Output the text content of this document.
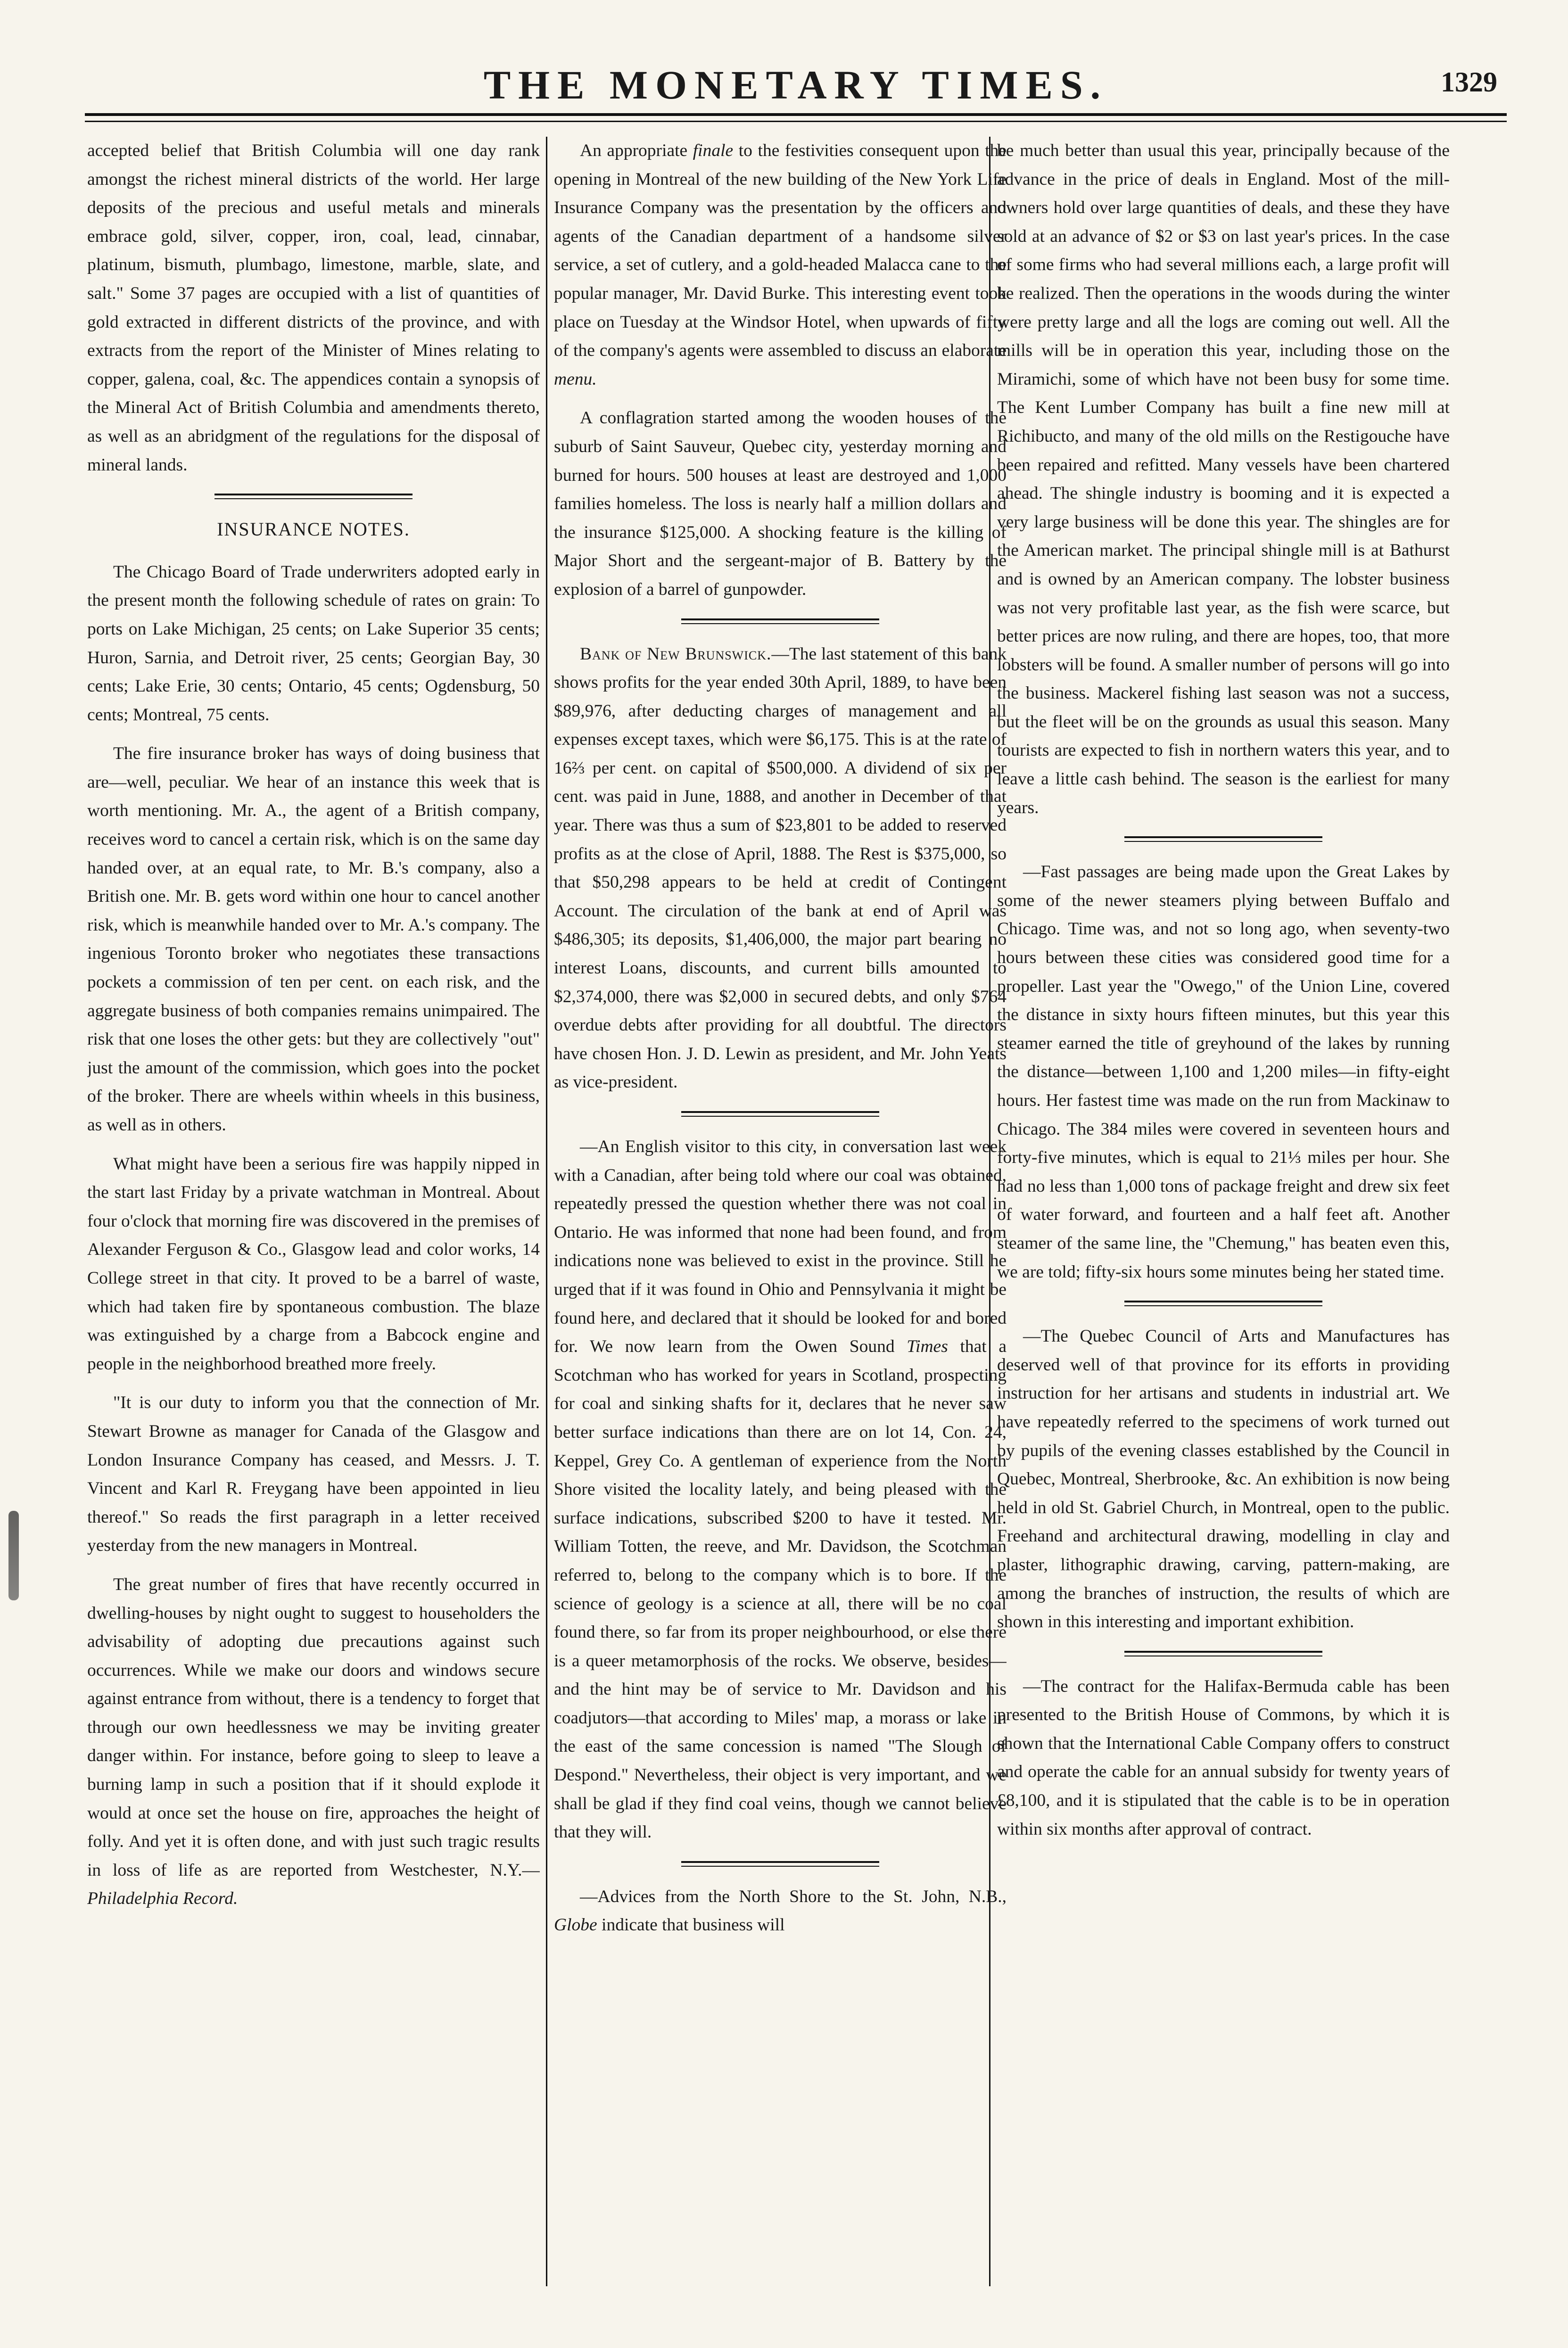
THE MONETARY TIMES.	1329

accepted belief that British Columbia will one day rank amongst the richest mineral districts of the world. Her large deposits of the precious and useful metals and minerals embrace gold, silver, copper, iron, coal, lead, cinnabar, platinum, bismuth, plumbago, limestone, marble, slate, and salt." Some 37 pages are occupied with a list of quantities of gold extracted in different districts of the province, and with extracts from the report of the Minister of Mines relating to copper, galena, coal, &c. The appendices contain a synopsis of the Mineral Act of British Columbia and amendments thereto, as well as an abridgment of the regulations for the disposal of mineral lands.

INSURANCE NOTES.

The Chicago Board of Trade underwriters adopted early in the present month the following schedule of rates on grain: To ports on Lake Michigan, 25 cents; on Lake Superior 35 cents; Huron, Sarnia, and Detroit river, 25 cents; Georgian Bay, 30 cents; Lake Erie, 30 cents; Ontario, 45 cents; Ogdensburg, 50 cents; Montreal, 75 cents.

The fire insurance broker has ways of doing business that are—well, peculiar. We hear of an instance this week that is worth mentioning. Mr. A., the agent of a British company, receives word to cancel a certain risk, which is on the same day handed over, at an equal rate, to Mr. B.'s company, also a British one. Mr. B. gets word within one hour to cancel another risk, which is meanwhile handed over to Mr. A.'s company. The ingenious Toronto broker who negotiates these transactions pockets a commission of ten per cent. on each risk, and the aggregate business of both companies remains unimpaired. The risk that one loses the other gets: but they are collectively "out" just the amount of the commission, which goes into the pocket of the broker. There are wheels within wheels in this business, as well as in others.

What might have been a serious fire was happily nipped in the start last Friday by a private watchman in Montreal. About four o'clock that morning fire was discovered in the premises of Alexander Ferguson & Co., Glasgow lead and color works, 14 College street in that city. It proved to be a barrel of waste, which had taken fire by spontaneous combustion. The blaze was extinguished by a charge from a Babcock engine and people in the neighborhood breathed more freely.

"It is our duty to inform you that the connection of Mr. Stewart Browne as manager for Canada of the Glasgow and London Insurance Company has ceased, and Messrs. J. T. Vincent and Karl R. Freygang have been appointed in lieu thereof." So reads the first paragraph in a letter received yesterday from the new managers in Montreal.

The great number of fires that have recently occurred in dwelling-houses by night ought to suggest to householders the advisability of adopting due precautions against such occurrences. While we make our doors and windows secure against entrance from without, there is a tendency to forget that through our own heedlessness we may be inviting greater danger within. For instance, before going to sleep to leave a burning lamp in such a position that if it should explode it would at once set the house on fire, approaches the height of folly. And yet it is often done, and with just such tragic results in loss of life as are reported from Westchester, N.Y.—Philadelphia Record.

An appropriate finale to the festivities consequent upon the opening in Montreal of the new building of the New York Life Insurance Company was the presentation by the officers and agents of the Canadian department of a handsome silver service, a set of cutlery, and a gold-headed Malacca cane to the popular manager, Mr. David Burke. This interesting event took place on Tuesday at the Windsor Hotel, when upwards of fifty of the company's agents were assembled to discuss an elaborate menu.

A conflagration started among the wooden houses of the suburb of Saint Sauveur, Quebec city, yesterday morning and burned for hours. 500 houses at least are destroyed and 1,000 families homeless. The loss is nearly half a million dollars and the insurance $125,000. A shocking feature is the killing of Major Short and the sergeant-major of B. Battery by the explosion of a barrel of gunpowder.

Bank of New Brunswick.—The last statement of this bank shows profits for the year ended 30th April, 1889, to have been $89,976, after deducting charges of management and all expenses except taxes, which were $6,175. This is at the rate of 16⅔ per cent. on capital of $500,000. A dividend of six per cent. was paid in June, 1888, and another in December of that year. There was thus a sum of $23,801 to be added to reserved profits as at the close of April, 1888. The Rest is $375,000, so that $50,298 appears to be held at credit of Contingent Account. The circulation of the bank at end of April was $486,305; its deposits, $1,406,000, the major part bearing no interest Loans, discounts, and current bills amounted to $2,374,000, there was $2,000 in secured debts, and only $764 overdue debts after providing for all doubtful. The directors have chosen Hon. J. D. Lewin as president, and Mr. John Yeats as vice-president.

—An English visitor to this city, in conversation last week with a Canadian, after being told where our coal was obtained, repeatedly pressed the question whether there was not coal in Ontario. He was informed that none had been found, and from indications none was believed to exist in the province. Still he urged that if it was found in Ohio and Pennsylvania it might be found here, and declared that it should be looked for and bored for. We now learn from the Owen Sound Times that a Scotchman who has worked for years in Scotland, prospecting for coal and sinking shafts for it, declares that he never saw better surface indications than there are on lot 14, Con. 24, Keppel, Grey Co. A gentleman of experience from the North Shore visited the locality lately, and being pleased with the surface indications, subscribed $200 to have it tested. Mr. William Totten, the reeve, and Mr. Davidson, the Scotchman referred to, belong to the company which is to bore. If the science of geology is a science at all, there will be no coal found there, so far from its proper neighbourhood, or else there is a queer metamorphosis of the rocks. We observe, besides—and the hint may be of service to Mr. Davidson and his coadjutors—that according to Miles' map, a morass or lake in the east of the same concession is named "The Slough of Despond." Nevertheless, their object is very important, and we shall be glad if they find coal veins, though we cannot believe that they will.

—Advices from the North Shore to the St. John, N.B., Globe indicate that business will

be much better than usual this year, principally because of the advance in the price of deals in England. Most of the mill-owners hold over large quantities of deals, and these they have sold at an advance of $2 or $3 on last year's prices. In the case of some firms who had several millions each, a large profit will be realized. Then the operations in the woods during the winter were pretty large and all the logs are coming out well. All the mills will be in operation this year, including those on the Miramichi, some of which have not been busy for some time. The Kent Lumber Company has built a fine new mill at Richibucto, and many of the old mills on the Restigouche have been repaired and refitted. Many vessels have been chartered ahead. The shingle industry is booming and it is expected a very large business will be done this year. The shingles are for the American market. The principal shingle mill is at Bathurst and is owned by an American company. The lobster business was not very profitable last year, as the fish were scarce, but better prices are now ruling, and there are hopes, too, that more lobsters will be found. A smaller number of persons will go into the business. Mackerel fishing last season was not a success, but the fleet will be on the grounds as usual this season. Many tourists are expected to fish in northern waters this year, and to leave a little cash behind. The season is the earliest for many years.

—Fast passages are being made upon the Great Lakes by some of the newer steamers plying between Buffalo and Chicago. Time was, and not so long ago, when seventy-two hours between these cities was considered good time for a propeller. Last year the "Owego," of the Union Line, covered the distance in sixty hours fifteen minutes, but this year this steamer earned the title of greyhound of the lakes by running the distance—between 1,100 and 1,200 miles—in fifty-eight hours. Her fastest time was made on the run from Mackinaw to Chicago. The 384 miles were covered in seventeen hours and forty-five minutes, which is equal to 21⅓ miles per hour. She had no less than 1,000 tons of package freight and drew six feet of water forward, and fourteen and a half feet aft. Another steamer of the same line, the "Chemung," has beaten even this, we are told; fifty-six hours some minutes being her stated time.

—The Quebec Council of Arts and Manufactures has deserved well of that province for its efforts in providing instruction for her artisans and students in industrial art. We have repeatedly referred to the specimens of work turned out by pupils of the evening classes established by the Council in Quebec, Montreal, Sherbrooke, &c. An exhibition is now being held in old St. Gabriel Church, in Montreal, open to the public. Freehand and architectural drawing, modelling in clay and plaster, lithographic drawing, carving, pattern-making, are among the branches of instruction, the results of which are shown in this interesting and important exhibition.

—The contract for the Halifax-Bermuda cable has been presented to the British House of Commons, by which it is shown that the International Cable Company offers to construct and operate the cable for an annual subsidy for twenty years of £8,100, and it is stipulated that the cable is to be in operation within six months after approval of contract.
